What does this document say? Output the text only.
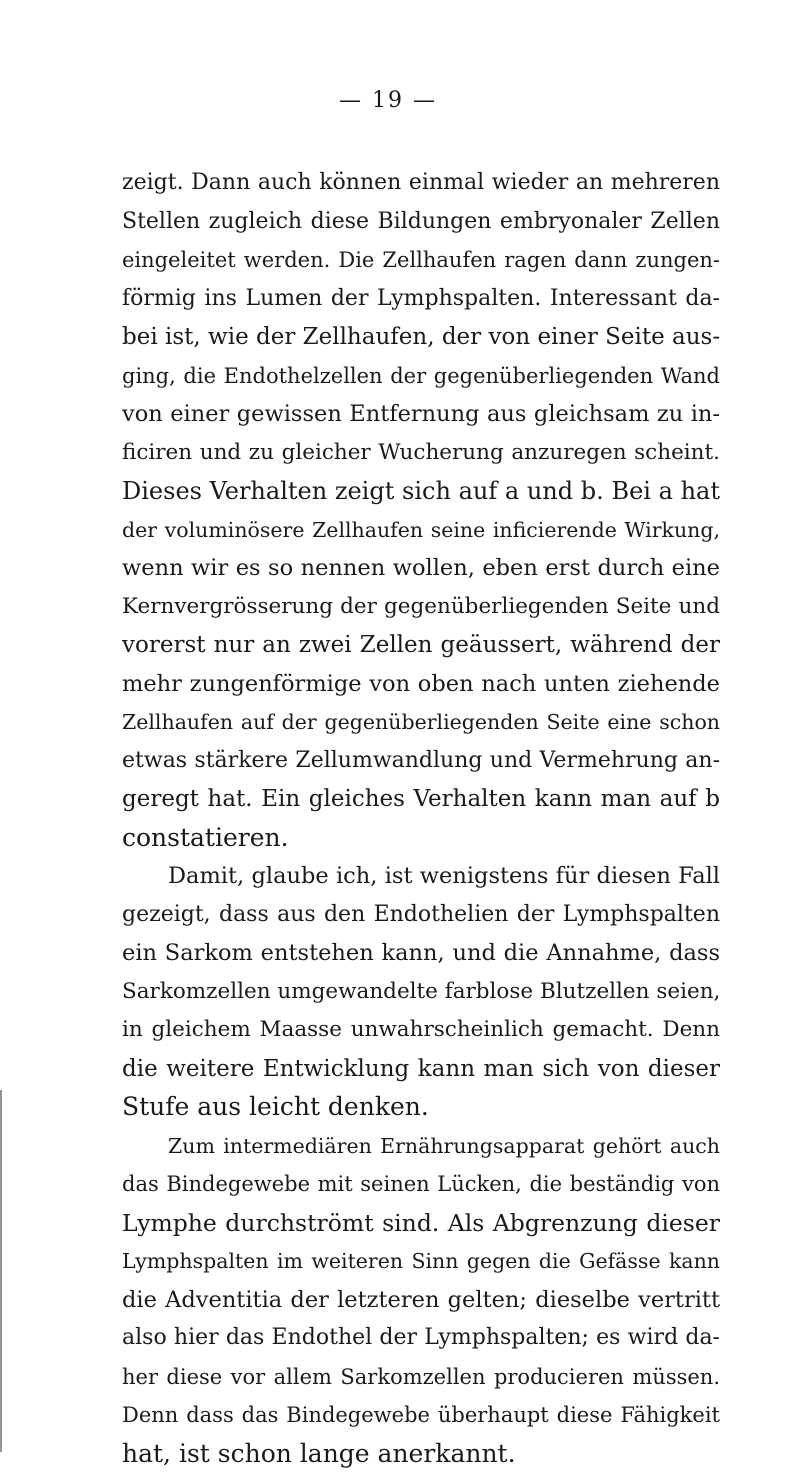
— 19 —
zeigt. Dann auch können einmal wieder an mehreren
Stellen zugleich diese Bildungen embryonaler Zellen
eingeleitet werden. Die Zellhaufen ragen dann zungen-
förmig ins Lumen der Lymphspalten. Interessant da-
bei ist, wie der Zellhaufen, der von einer Seite aus-
ging, die Endothelzellen der gegenüberliegenden Wand
von einer gewissen Entfernung aus gleichsam zu in-
ficiren und zu gleicher Wucherung anzuregen scheint.
Dieses Verhalten zeigt sich auf a und b. Bei a hat
der voluminösere Zellhaufen seine inficierende Wirkung,
wenn wir es so nennen wollen, eben erst durch eine
Kernvergrösserung der gegenüberliegenden Seite und
vorerst nur an zwei Zellen geäussert, während der
mehr zungenförmige von oben nach unten ziehende
Zellhaufen auf der gegenüberliegenden Seite eine schon
etwas stärkere Zellumwandlung und Vermehrung an-
geregt hat. Ein gleiches Verhalten kann man auf b
constatieren.
Damit, glaube ich, ist wenigstens für diesen Fall
gezeigt, dass aus den Endothelien der Lymphspalten
ein Sarkom entstehen kann, und die Annahme, dass
Sarkomzellen umgewandelte farblose Blutzellen seien,
in gleichem Maasse unwahrscheinlich gemacht. Denn
die weitere Entwicklung kann man sich von dieser
Stufe aus leicht denken.
Zum intermediären Ernährungsapparat gehört auch
das Bindegewebe mit seinen Lücken, die beständig von
Lymphe durchströmt sind. Als Abgrenzung dieser
Lymphspalten im weiteren Sinn gegen die Gefässe kann
die Adventitia der letzteren gelten; dieselbe vertritt
also hier das Endothel der Lymphspalten; es wird da-
her diese vor allem Sarkomzellen producieren müssen.
Denn dass das Bindegewebe überhaupt diese Fähigkeit
hat, ist schon lange anerkannt.
